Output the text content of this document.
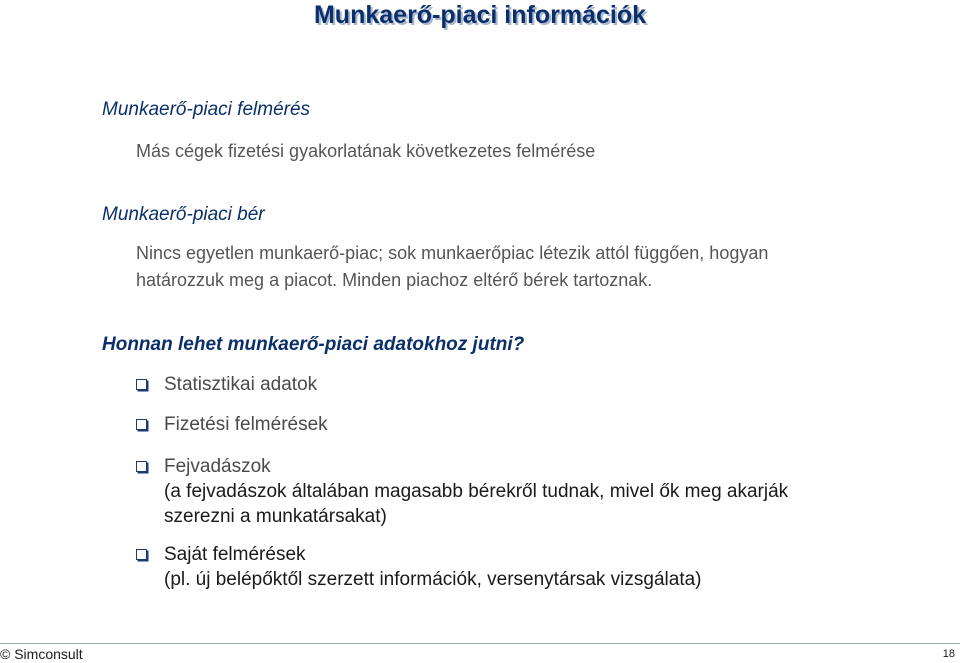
Munkaerő-piaci információk
Munkaerő-piaci felmérés
Más cégek fizetési gyakorlatának következetes felmérése
Munkaerő-piaci bér
Nincs egyetlen munkaerő-piac; sok munkaerőpiac létezik attól függően, hogyan
határozzuk meg a piacot. Minden piachoz eltérő bérek tartoznak.
Honnan lehet munkaerő-piaci adatokhoz jutni?
Statisztikai adatok
Fizetési felmérések
Fejvadászok
(a fejvadászok általában magasabb bérekről tudnak, mivel ők meg akarják
szerezni a munkatársakat)
Saját felmérések
(pl. új belépőktől szerzett információk, versenytársak vizsgálata)
© Simconsult	18
